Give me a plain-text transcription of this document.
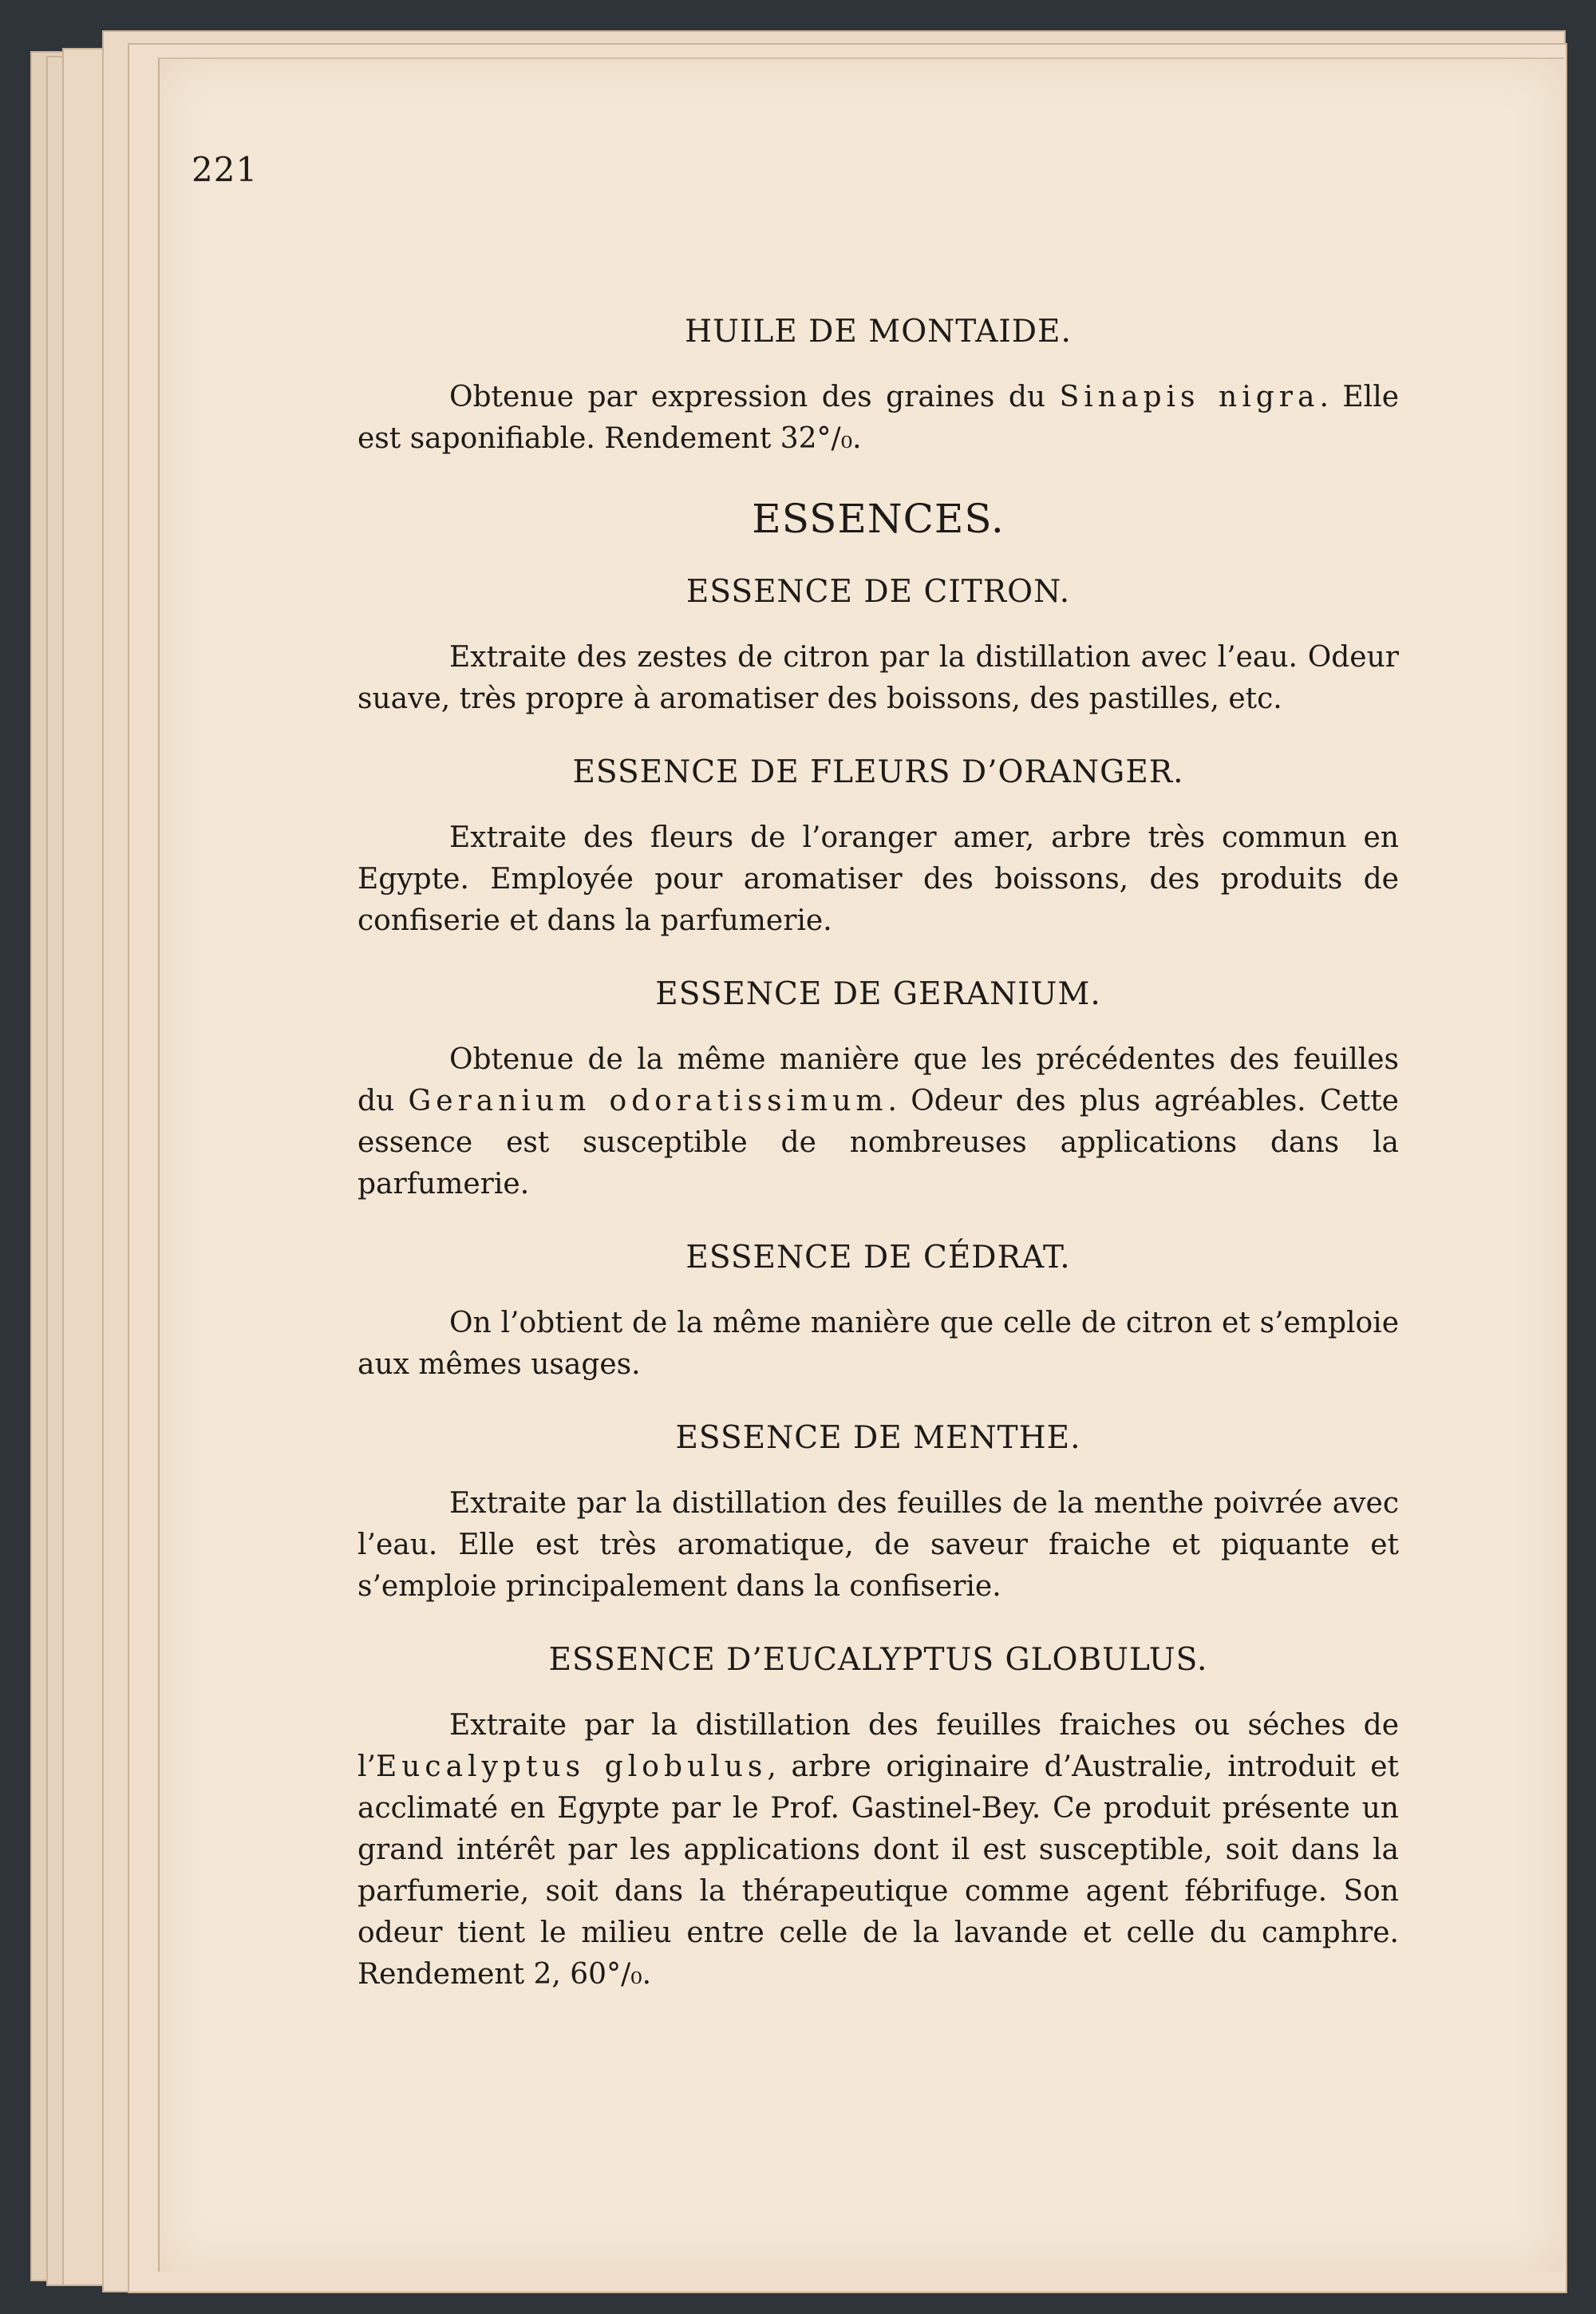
221

HUILE DE MONTAIDE.

Obtenue par expression des graines du Sinapis nigra. Elle est saponifiable. Rendement 32°/₀.

ESSENCES.
ESSENCE DE CITRON.

Extraite des zestes de citron par la distillation avec l’eau. Odeur suave, très propre à aromatiser des boissons, des pastilles, etc.

ESSENCE DE FLEURS D’ORANGER.

Extraite des fleurs de l’oranger amer, arbre très commun en Egypte. Employée pour aromatiser des boissons, des produits de confiserie et dans la parfumerie.

ESSENCE DE GERANIUM.

Obtenue de la même manière que les précédentes des feuilles du Geranium odoratissimum. Odeur des plus agréables. Cette essence est susceptible de nombreuses applications dans la parfumerie.

ESSENCE DE CÉDRAT.

On l’obtient de la même manière que celle de citron et s’emploie aux mêmes usages.

ESSENCE DE MENTHE.

Extraite par la distillation des feuilles de la menthe poivrée avec l’eau. Elle est très aromatique, de saveur fraiche et piquante et s’emploie principalement dans la confiserie.

ESSENCE D’EUCALYPTUS GLOBULUS.

Extraite par la distillation des feuilles fraiches ou séches de l’Eucalyptus globulus, arbre originaire d’Australie, introduit et acclimaté en Egypte par le Prof. Gastinel-Bey. Ce produit présente un grand intérêt par les applications dont il est susceptible, soit dans la parfumerie, soit dans la thérapeutique comme agent fébrifuge. Son odeur tient le milieu entre celle de la lavande et celle du camphre. Rendement 2, 60°/₀.
